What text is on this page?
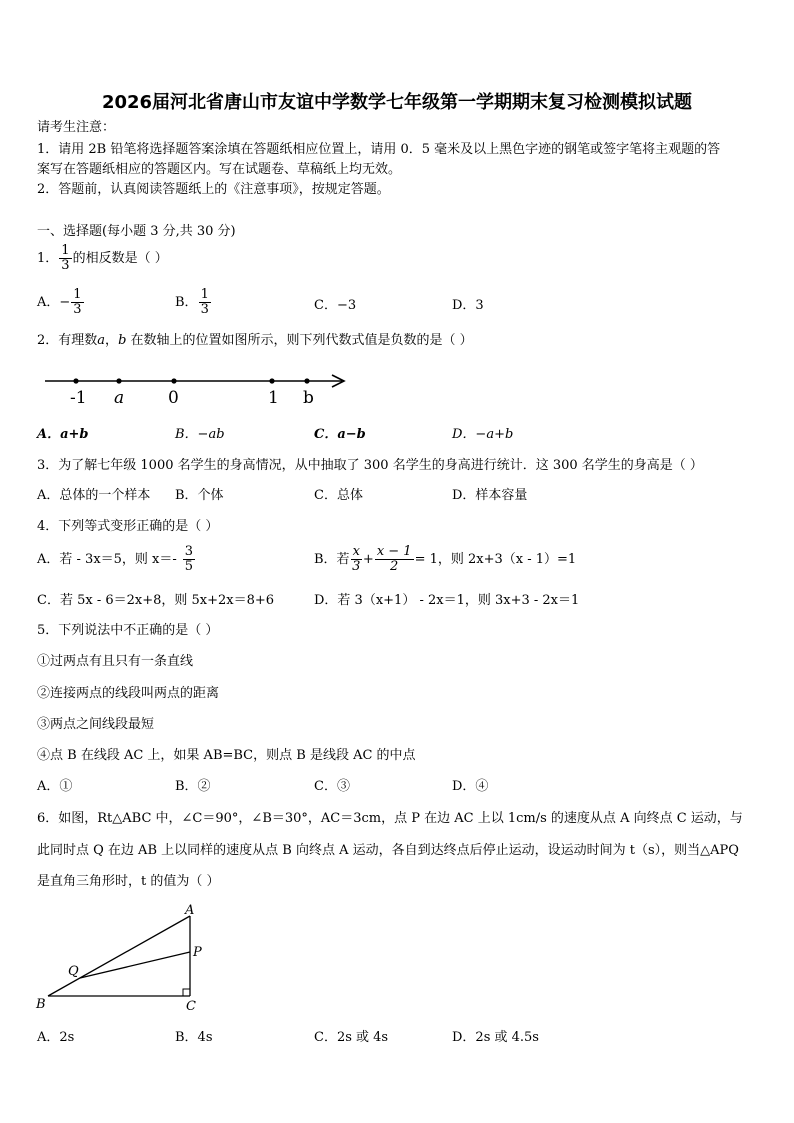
2026届河北省唐山市友谊中学数学七年级第一学期期末复习检测模拟试题
请考生注意：
1．请用 2B 铅笔将选择题答案涂填在答题纸相应位置上，请用 0．5 毫米及以上黑色字迹的钢笔或签字笔将主观题的答
案写在答题纸相应的答题区内。写在试题卷、草稿纸上均无效。
2．答题前，认真阅读答题纸上的《注意事项》，按规定答题。
一、选择题(每小题 3 分,共 30 分)
1． $\frac{1}{3}$ 的相反数是（ ）
A．− $\frac{1}{3}$	B． $\frac{1}{3}$	C．−3	D．3
2．有理数a，b 在数轴上的位置如图所示，则下列代数式值是负数的是（ ）
-1 a	0	1 b
A．a+b	B．−ab	C．a−b	D．−a+b
3．为了解七年级 1000 名学生的身高情况，从中抽取了 300 名学生的身高进行统计．这 300 名学生的身高是（ ）
A．总体的一个样本 B．个体	C．总体	D．样本容量
4．下列等式变形正确的是（ ）
A．若 - 3x＝5，则 $x=- \frac{3}{5}$	B．若 $\frac{x}{3} + \frac{x - 1}{2} = 1$，则 2x+3（x - 1）=1
C．若 5x - 6＝2x+8，则 5x+2x＝8+6	D．若 3（x+1） - 2x＝1，则 3x+3 - 2x＝1
5．下列说法中不正确的是（ ）
①过两点有且只有一条直线
②连接两点的线段叫两点的距离
③两点之间线段最短
④点 B 在线段 AC 上，如果 AB=BC，则点 B 是线段 AC 的中点
A．①	B．②	C．③	D．④
6．如图，Rt△ABC 中，∠C＝90°，∠B＝30°，AC＝3cm，点 P 在边 AC 上以 1cm/s 的速度从点 A 向终点 C 运动，与
此同时点 Q 在边 AB 上以同样的速度从点 B 向终点 A 运动，各自到达终点后停止运动，设运动时间为 t（s），则当△APQ
是直角三角形时，t 的值为（ ）
A
P
Q
B	C
A．2s	B．4s	C．2s 或 4s	D．2s 或 4.5s
